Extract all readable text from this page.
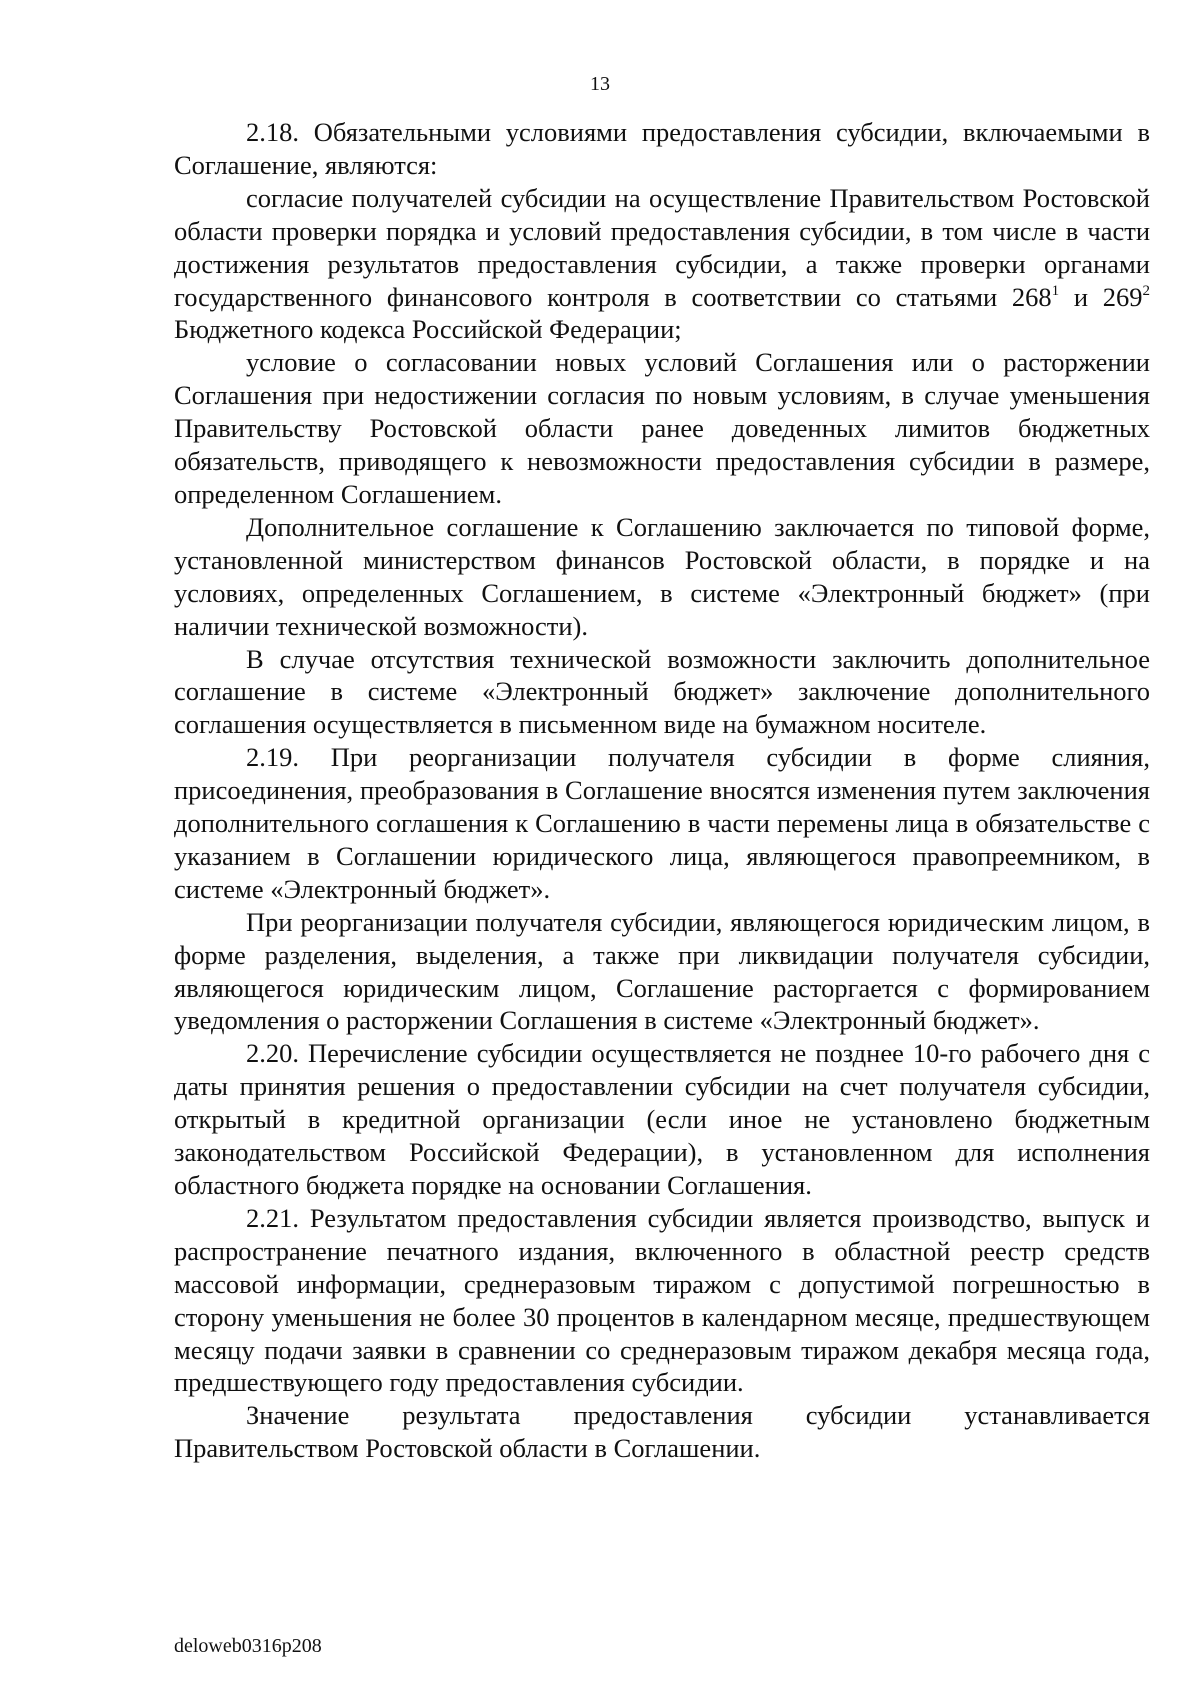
13

2.18. Обязательными условиями предоставления субсидии, включаемыми в Соглашение, являются:

согласие получателей субсидии на осуществление Правительством Ростовской области проверки порядка и условий предоставления субсидии, в том числе в части достижения результатов предоставления субсидии, а также проверки органами государственного финансового контроля в соответствии со статьями $268^1$ и $269^2$ Бюджетного кодекса Российской Федерации;

условие о согласовании новых условий Соглашения или о расторжении Соглашения при недостижении согласия по новым условиям, в случае уменьшения Правительству Ростовской области ранее доведенных лимитов бюджетных обязательств, приводящего к невозможности предоставления субсидии в размере, определенном Соглашением.

Дополнительное соглашение к Соглашению заключается по типовой форме, установленной министерством финансов Ростовской области, в порядке и на условиях, определенных Соглашением, в системе «Электронный бюджет» (при наличии технической возможности).

В случае отсутствия технической возможности заключить дополнительное соглашение в системе «Электронный бюджет» заключение дополнительного соглашения осуществляется в письменном виде на бумажном носителе.

2.19. При реорганизации получателя субсидии в форме слияния, присоединения, преобразования в Соглашение вносятся изменения путем заключения дополнительного соглашения к Соглашению в части перемены лица в обязательстве с указанием в Соглашении юридического лица, являющегося правопреемником, в системе «Электронный бюджет».

При реорганизации получателя субсидии, являющегося юридическим лицом, в форме разделения, выделения, а также при ликвидации получателя субсидии, являющегося юридическим лицом, Соглашение расторгается с формированием уведомления о расторжении Соглашения в системе «Электронный бюджет».

2.20. Перечисление субсидии осуществляется не позднее 10-го рабочего дня с даты принятия решения о предоставлении субсидии на счет получателя субсидии, открытый в кредитной организации (если иное не установлено бюджетным законодательством Российской Федерации), в установленном для исполнения областного бюджета порядке на основании Соглашения.

2.21. Результатом предоставления субсидии является производство, выпуск и распространение печатного издания, включенного в областной реестр средств массовой информации, среднеразовым тиражом с допустимой погрешностью в сторону уменьшения не более 30 процентов в календарном месяце, предшествующем месяцу подачи заявки в сравнении со среднеразовым тиражом декабря месяца года, предшествующего году предоставления субсидии.

Значение результата предоставления субсидии устанавливается Правительством Ростовской области в Соглашении.

deloweb0316p208
